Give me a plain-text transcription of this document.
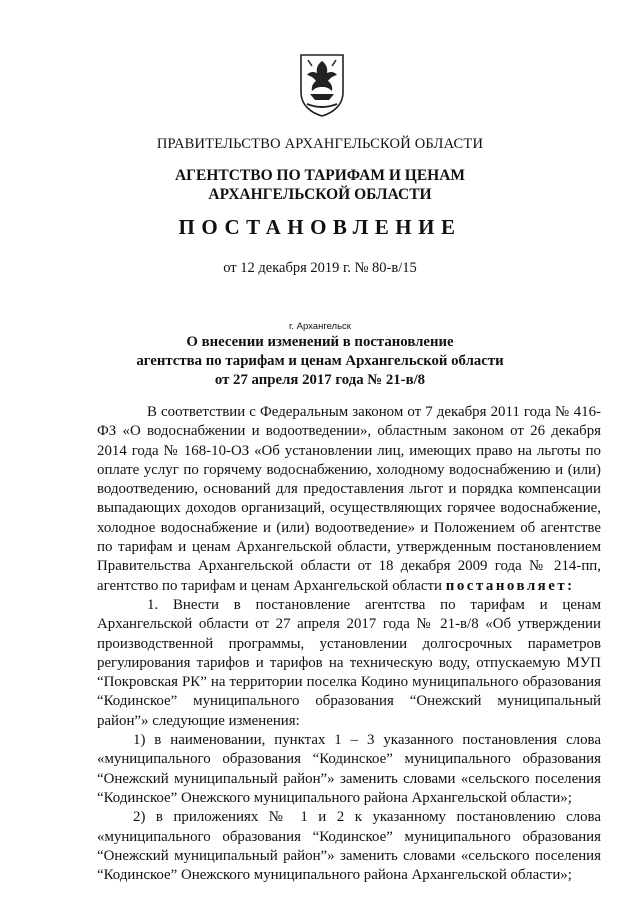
ПРАВИТЕЛЬСТВО АРХАНГЕЛЬСКОЙ ОБЛАСТИ
АГЕНТСТВО ПО ТАРИФАМ И ЦЕНАМ
АРХАНГЕЛЬСКОЙ ОБЛАСТИ
ПОСТАНОВЛЕНИЕ
от 12 декабря 2019 г. № 80-в/15
г. Архангельск
О внесении изменений в постановление
агентства по тарифам и ценам Архангельской области
от 27 апреля 2017 года № 21-в/8

В соответствии с Федеральным законом от 7 декабря 2011 года № 416-ФЗ «О водоснабжении и водоотведении», областным законом от 26 декабря 2014 года № 168-10-ОЗ «Об установлении лиц, имеющих право на льготы по оплате услуг по горячему водоснабжению, холодному водоснабжению и (или) водоотведению, оснований для предоставления льгот и порядка компенсации выпадающих доходов организаций, осуществляющих горячее водоснабжение, холодное водоснабжение и (или) водоотведение» и Положением об агентстве по тарифам и ценам Архангельской области, утвержденным постановлением Правительства Архангельской области от 18 декабря 2009 года № 214-пп, агентство по тарифам и ценам Архангельской области постановляет:

1. Внести в постановление агентства по тарифам и ценам Архангельской области от 27 апреля 2017 года № 21-в/8 «Об утверждении производственной программы, установлении долгосрочных параметров регулирования тарифов и тарифов на техническую воду, отпускаемую МУП “Покровская РК” на территории поселка Кодино муниципального образования “Кодинское” муниципального образования “Онежский муниципальный район”» следующие изменения:

1) в наименовании, пунктах 1 – 3 указанного постановления слова «муниципального образования “Кодинское” муниципального образования “Онежский муниципальный район”» заменить словами «сельского поселения “Кодинское” Онежского муниципального района Архангельской области»;

2) в приложениях № 1 и 2 к указанному постановлению слова «муниципального образования “Кодинское” муниципального образования “Онежский муниципальный район”» заменить словами «сельского поселения “Кодинское” Онежского муниципального района Архангельской области»;
